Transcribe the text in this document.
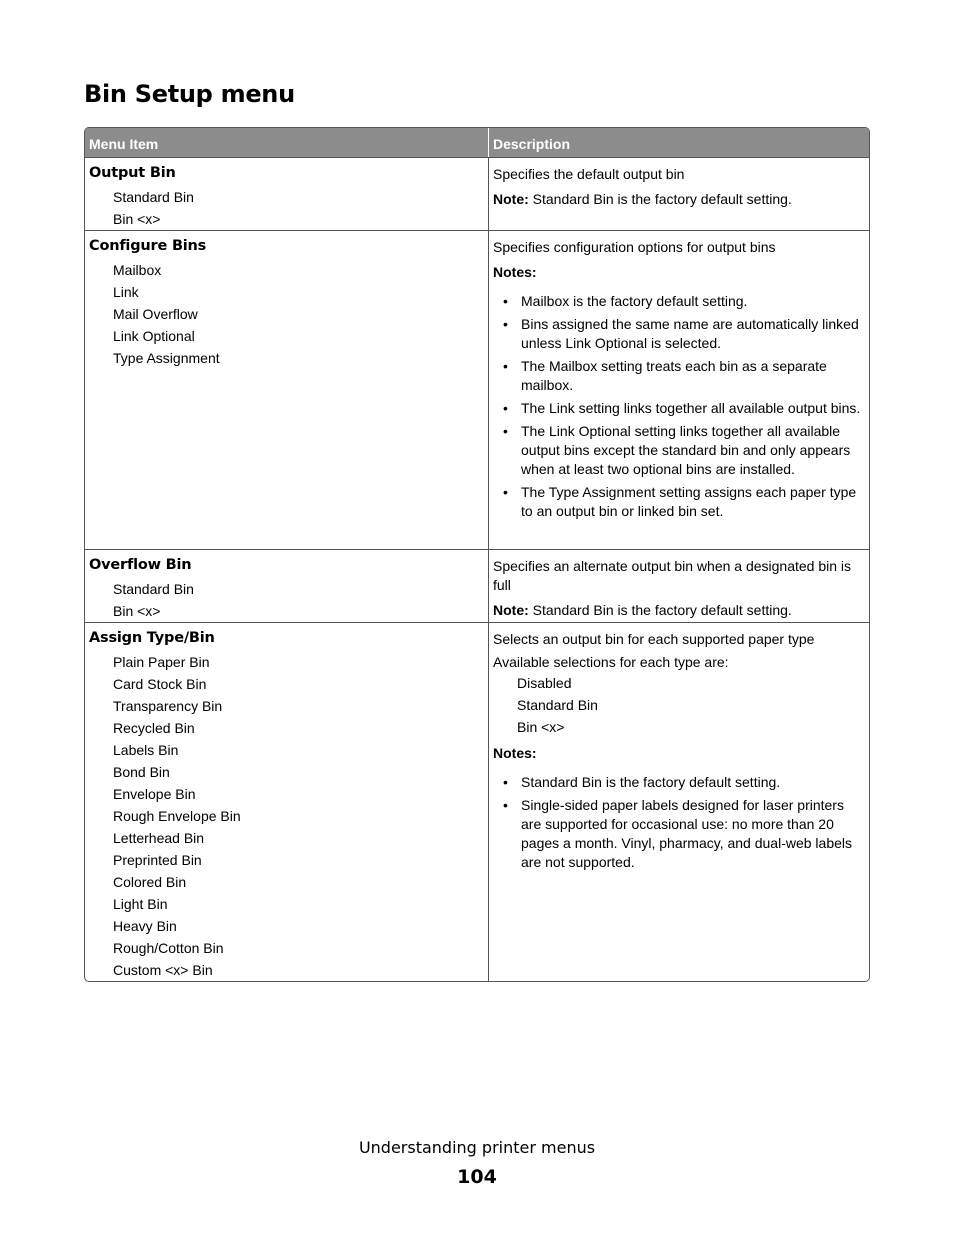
Bin Setup menu
Menu Item	Description
Output Bin
Standard Bin
Bin <x>

Specifies the default output bin

Note: Standard Bin is the factory default setting.

Configure Bins
Mailbox
Link
Mail Overflow
Link Optional
Type Assignment

Specifies configuration options for output bins

Notes:

• Mailbox is the factory default setting.
• Bins assigned the same name are automatically linked unless Link Optional is selected.
• The Mailbox setting treats each bin as a separate mailbox.
• The Link setting links together all available output bins.
• The Link Optional setting links together all available output bins except the standard bin and only appears when at least two optional bins are installed.
• The Type Assignment setting assigns each paper type to an output bin or linked bin set.
Overflow Bin
Standard Bin
Bin <x>

Specifies an alternate output bin when a designated bin is full

Note: Standard Bin is the factory default setting.

Assign Type/Bin
Plain Paper Bin
Card Stock Bin
Transparency Bin
Recycled Bin
Labels Bin
Bond Bin
Envelope Bin
Rough Envelope Bin
Letterhead Bin
Preprinted Bin
Colored Bin
Light Bin
Heavy Bin
Rough/Cotton Bin
Custom <x> Bin

Selects an output bin for each supported paper type

Available selections for each type are:

Disabled
Standard Bin
Bin <x>

Notes:

• Standard Bin is the factory default setting.
• Single-sided paper labels designed for laser printers are supported for occasional use: no more than 20 pages a month. Vinyl, pharmacy, and dual-web labels are not supported.
Understanding printer menus
104
